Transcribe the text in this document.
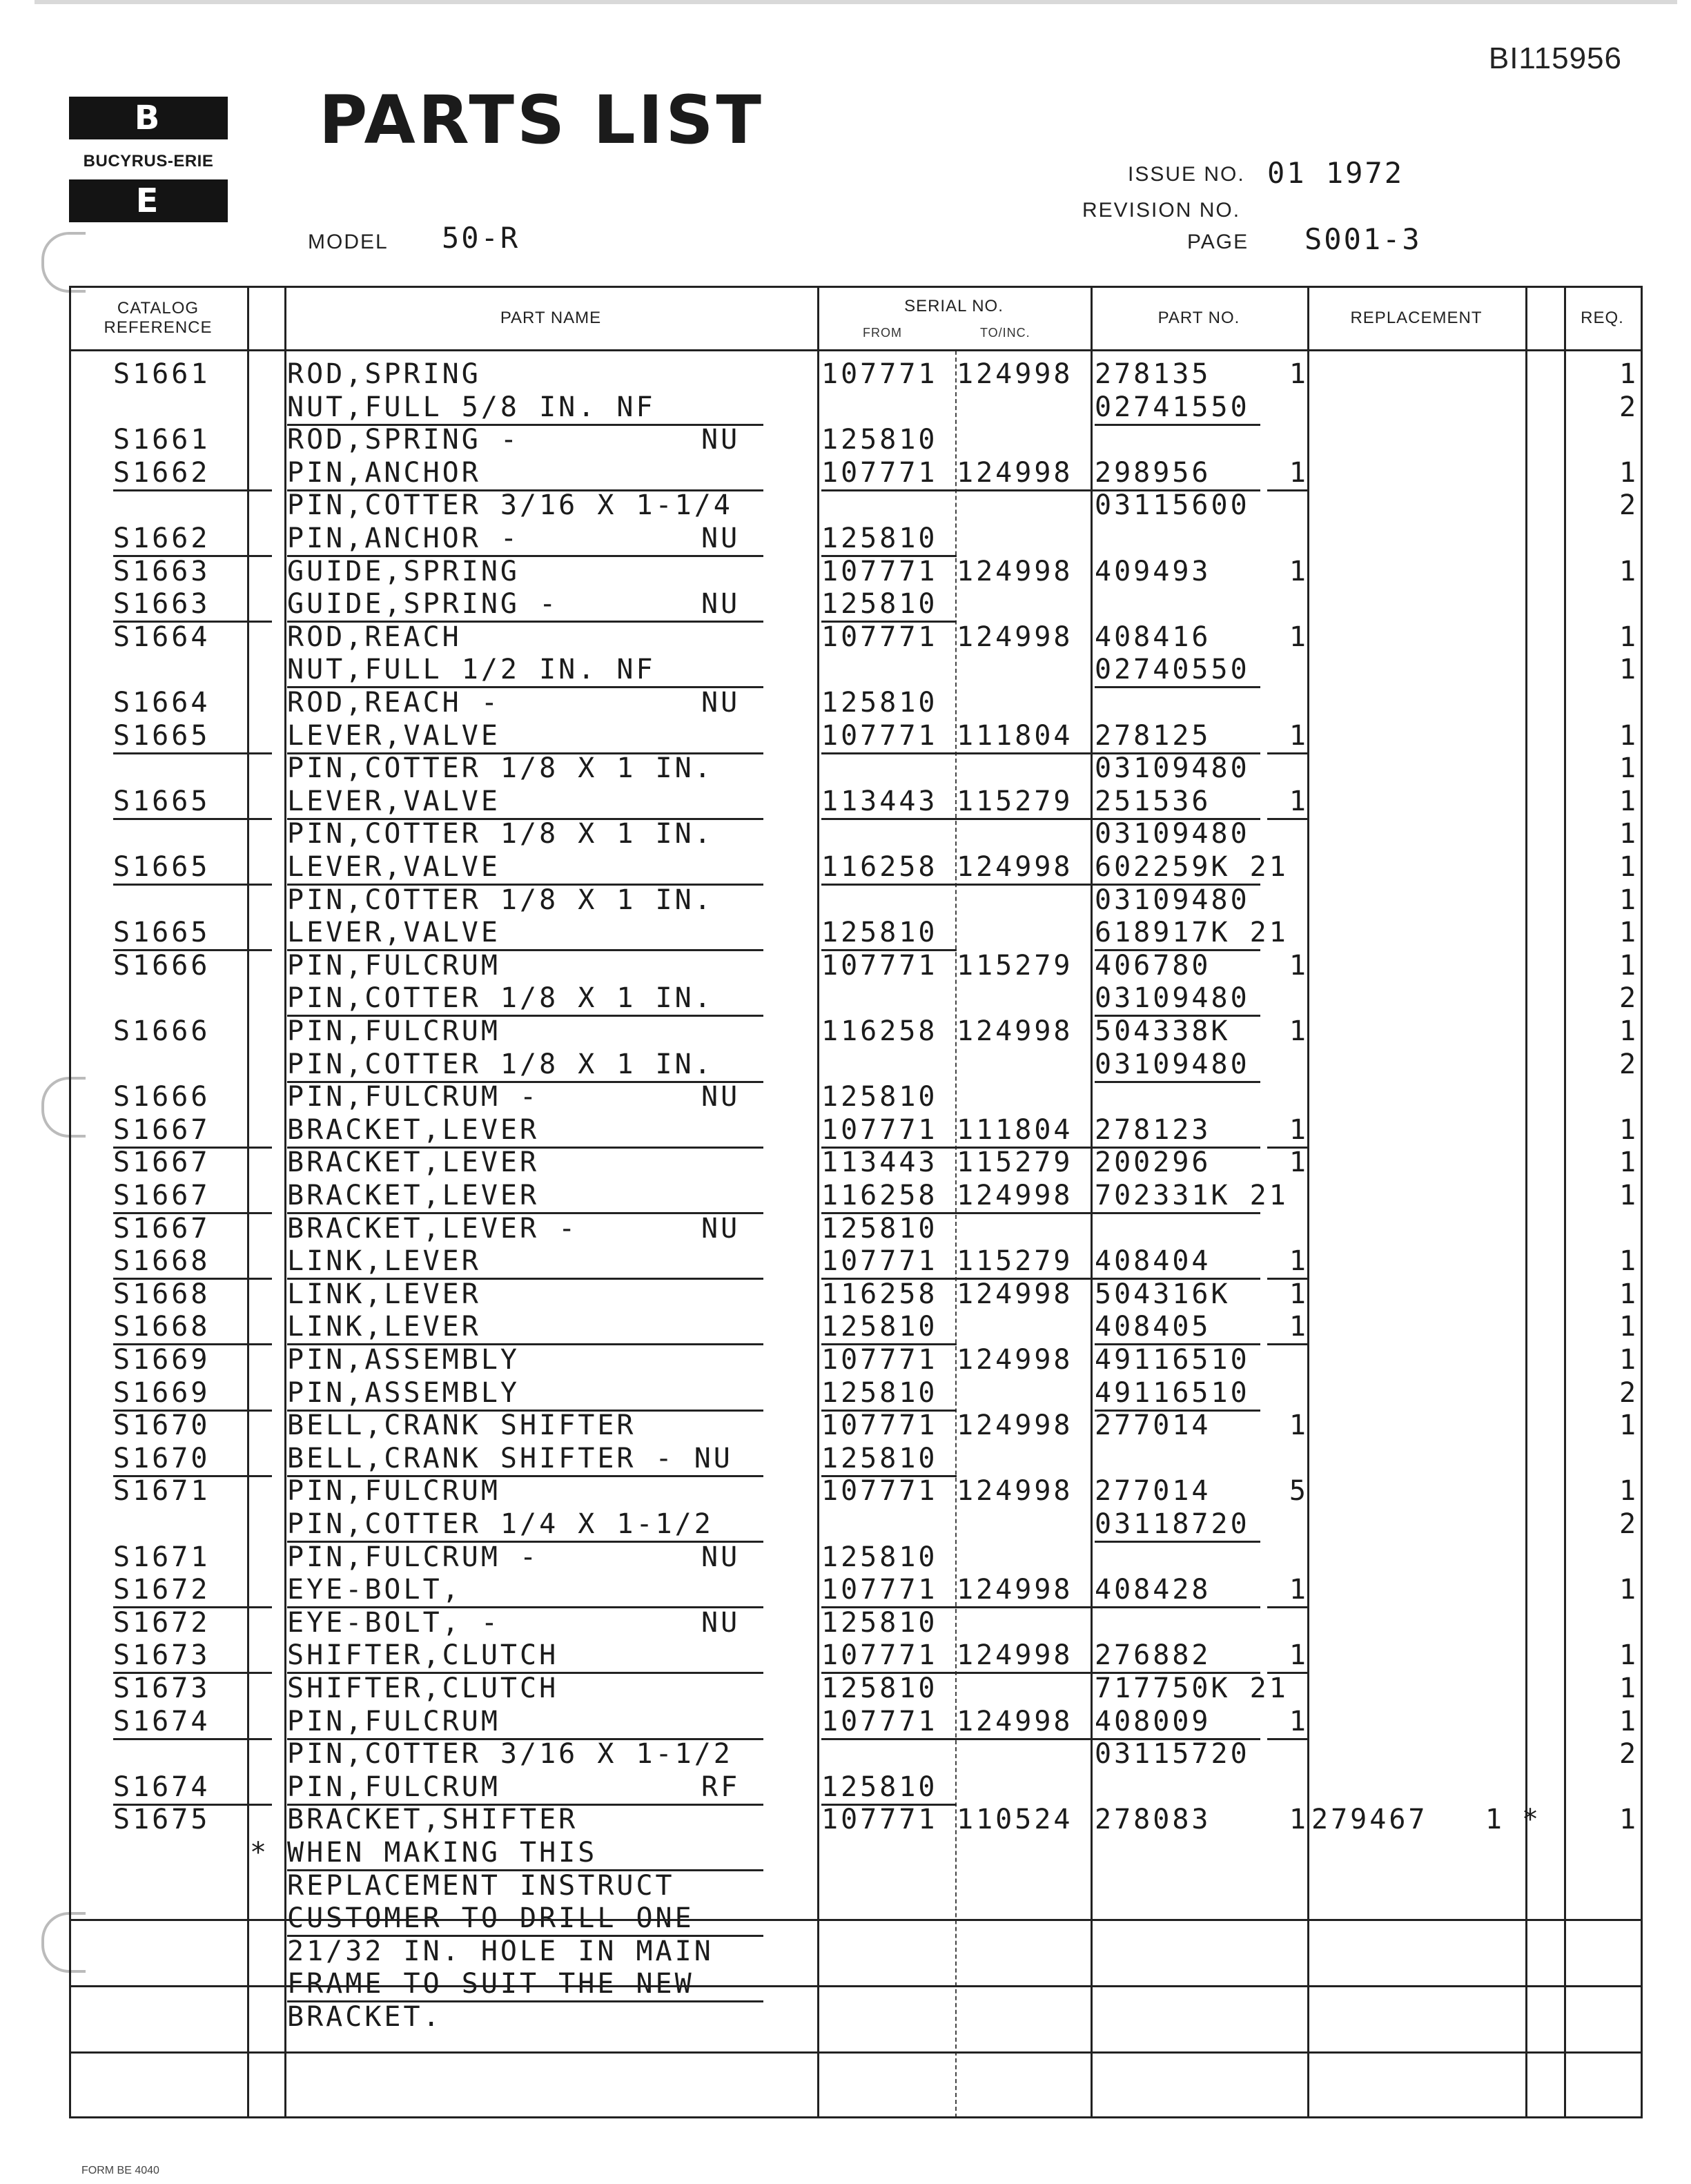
BI115956
B
BUCYRUS-ERIE
E
PARTS LIST
ISSUE NO. 01 1972
REVISION NO.
MODEL 50-R	PAGE S001-3
CATALOG REFERENCE
PART NAME
SERIAL NO.
FROM	TO/INC.
PART NO.	REPLACEMENT	REQ.
S1661	ROD,SPRING	107771 124998 278135	1	1
NUT,FULL 5/8 IN. NF	02741550	2
S1661	ROD,SPRING -	NU	125810
S1662	PIN,ANCHOR	107771 124998 298956	1	1
PIN,COTTER 3/16 X 1-1/4	03115600	2
S1662	PIN,ANCHOR -	NU	125810
S1663	GUIDE,SPRING	107771 124998 409493	1	1
S1663	GUIDE,SPRING -	NU	125810
S1664	ROD,REACH	107771 124998 408416	1	1
NUT,FULL 1/2 IN. NF	02740550	1
S1664	ROD,REACH -	NU	125810
S1665	LEVER,VALVE	107771 111804 278125	1	1
PIN,COTTER 1/8 X 1 IN.	03109480	1
S1665	LEVER,VALVE	113443 115279 251536	1	1
PIN,COTTER 1/8 X 1 IN.	03109480	1
S1665	LEVER,VALVE	116258 124998 602259K 21	1
PIN,COTTER 1/8 X 1 IN.	03109480	1
S1665	LEVER,VALVE	125810	618917K 21	1
S1666	PIN,FULCRUM	107771 115279 406780	1	1
PIN,COTTER 1/8 X 1 IN.	03109480	2
S1666	PIN,FULCRUM	116258 124998 504338K	1	1
PIN,COTTER 1/8 X 1 IN.	03109480	2
S1666	PIN,FULCRUM -	NU	125810
S1667	BRACKET,LEVER	107771 111804 278123	1	1
S1667	BRACKET,LEVER	113443 115279 200296	1	1
S1667	BRACKET,LEVER	116258 124998 702331K 21	1
S1667	BRACKET,LEVER -	NU	125810
S1668	LINK,LEVER	107771 115279 408404	1	1
S1668	LINK,LEVER	116258 124998 504316K	1	1
S1668	LINK,LEVER	125810	408405	1	1
S1669	PIN,ASSEMBLY	107771 124998 49116510	1
S1669	PIN,ASSEMBLY	125810	49116510	2
S1670	BELL,CRANK SHIFTER	107771 124998 277014	1	1
S1670	BELL,CRANK SHIFTER - NU	125810
S1671	PIN,FULCRUM	107771 124998 277014	5	1
PIN,COTTER 1/4 X 1-1/2	03118720	2
S1671	PIN,FULCRUM -	NU	125810
S1672	EYE-BOLT,	107771 124998 408428	1	1
S1672	EYE-BOLT, -	NU	125810
S1673	SHIFTER,CLUTCH	107771 124998 276882	1	1
S1673	SHIFTER,CLUTCH	125810	717750K 21	1
S1674	PIN,FULCRUM	107771 124998 408009	1	1
PIN,COTTER 3/16 X 1-1/2	03115720	2
S1674	PIN,FULCRUM	RF	125810
S1675	BRACKET,SHIFTER	107771 110524 278083	1 279467	1 *	1
* WHEN MAKING THIS
REPLACEMENT INSTRUCT
CUSTOMER TO DRILL ONE
21/32 IN. HOLE IN MAIN
FRAME TO SUIT THE NEW
BRACKET.
FORM BE 4040
